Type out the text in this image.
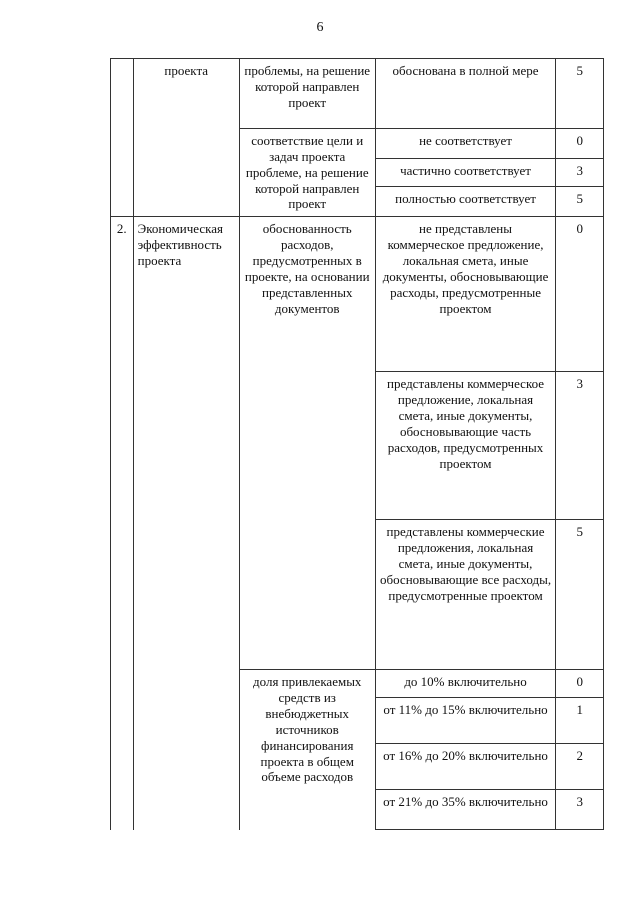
6
	проекта	проблемы, на решение которой направлен проект	обоснована в полной мере	5
		соответствие цели и задач проекта проблеме, на решение которой направлен проект	не соответствует	0
			частично соответствует	3
			полностью соответствует	5
2.	Экономическая эффективность проекта	обоснованность расходов, предусмотренных в проекте, на основании представленных документов	не представлены коммерческое предложение, локальная смета, иные документы, обосновывающие расходы, предусмотренные проектом	0
			представлены коммерческое предложение, локальная смета, иные документы, обосновывающие часть расходов, предусмотренных проектом	3
			представлены коммерческие предложения, локальная смета, иные документы, обосновывающие все расходы, предусмотренные проектом	5
		доля привлекаемых средств из внебюджетных источников финансирования проекта в общем объеме расходов	до 10% включительно	0
			от 11% до 15% включительно	1
			от 16% до 20% включительно	2
			от 21% до 35% включительно	3
